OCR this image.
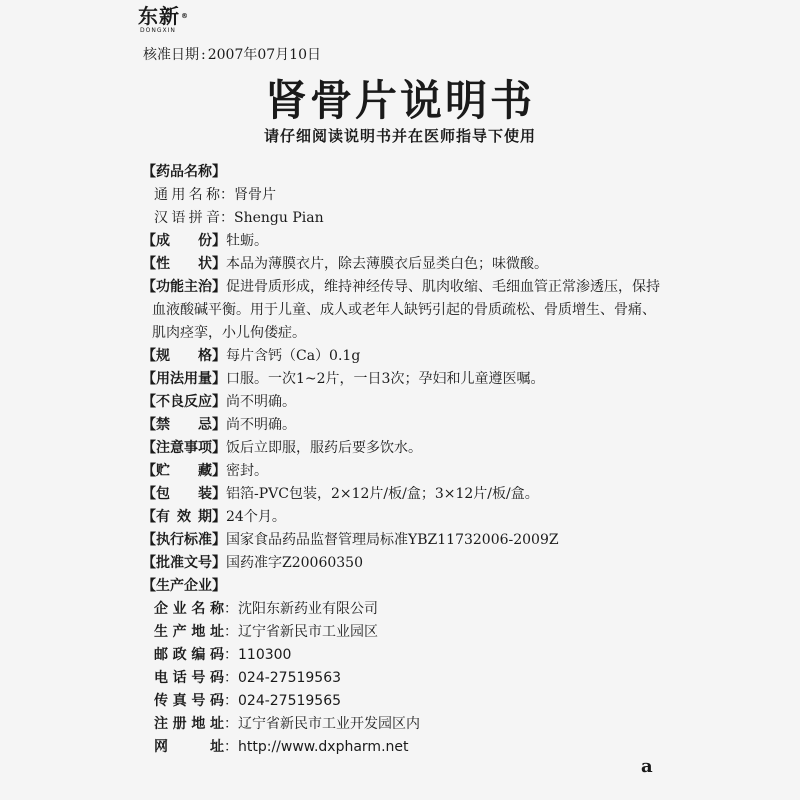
东新®
DONGXIN
核准日期 : 2007年07月10日
肾骨片说明书
请仔细阅读说明书并在医师指导下使用
【 药品名称 】
通用名称 ： 肾骨片
汉语拼音 ： Shengu Pian
【 成　份 】 牡蛎。
【 性　状 】 本品为薄膜衣片，除去薄膜衣后显类白色；味微酸。
【 功能主治 】 促进骨质形成，维持神经传导、肌肉收缩、毛细血管正常渗透压，保持
血液酸碱平衡。用于儿童、成人或老年人缺钙引起的骨质疏松、骨质增生、骨痛、
肌肉痉挛，小儿佝偻症。
【 规　格 】 每片含钙（Ca）0.1g
【 用法用量 】 口服。一次1~2片，一日3次；孕妇和儿童遵医嘱。
【 不良反应 】 尚不明确。
【 禁　忌 】 尚不明确。
【 注意事项 】 饭后立即服，服药后要多饮水。
【 贮　藏 】 密封。
【 包　装 】 铝箔-PVC包装，2×12片/板/盒；3×12片/板/盒。
【 有 效 期 】 24个月。
【 执行标准 】 国家食品药品监督管理局标准YBZ11732006-2009Z
【 批准文号 】 国药准字Z20060350
【 生产企业 】
企业名称 ： 沈阳东新药业有限公司
生产地址 ： 辽宁省新民市工业园区
邮政编码 ： 110300
电话号码 ： 024-27519563
传真号码 ： 024-27519565
注册地址 ： 辽宁省新民市工业开发园区内
网　　址 ： http://www.dxpharm.net
a
